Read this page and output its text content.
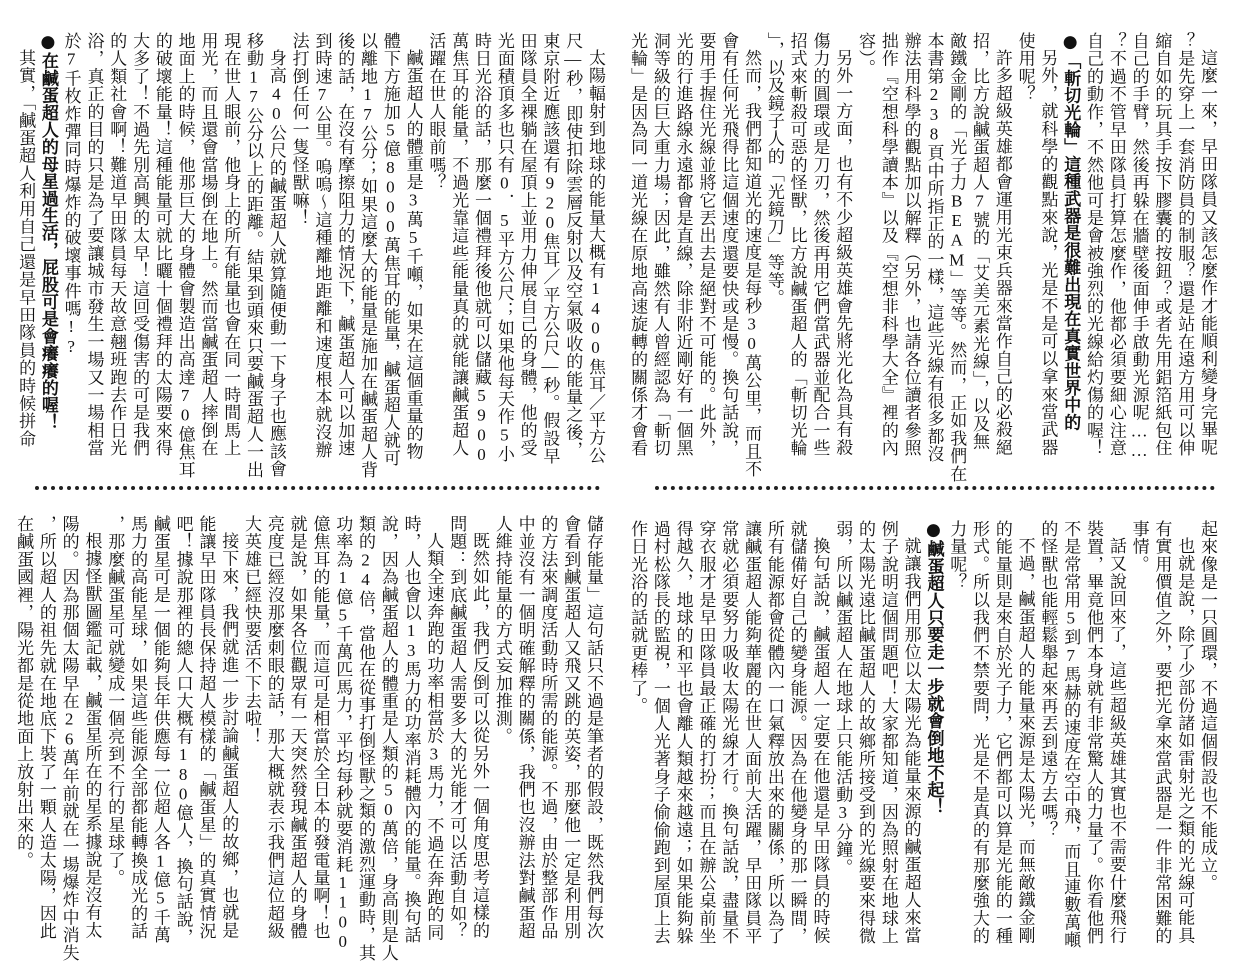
這麼一來，早田隊員又該怎麼作才能順利變身完畢呢
？是先穿上一套消防員的制服？還是站在遠方用可以伸
縮自如的玩具手按下膠囊的按鈕？或者先用鋁箔紙包住
自己的手臂，然後再躲在牆壁後面伸手啟動光源呢……
？不過不管早田隊員打算怎麼作，他都必須要細心注意
自己的動作，不然他可是會被強烈的光線給灼傷的喔！
●「斬切光輪」這種武器是很難出現在真實世界中的
另外，就科學的觀點來說，光是不是可以拿來當武器
使用呢？
許多超級英雄都會運用光束兵器來當作自己的必殺絕
招，比方說鹹蛋超人7號的「艾美元素光線」，以及無
敵鐵金剛的「光子力BEAM」等等。然而，正如我們在
本書第238頁中所指正的一樣，這些光線有很多都沒
辦法用科學的觀點加以解釋（另外，也請各位讀者參照
拙作『空想科學讀本』以及『空想非科學大全』裡的內
容）。
另外一方面，也有不少超級英雄會先將光化為具有殺
傷力的圓環或是刀刃，然後再用它們當武器並配合一些
招式來斬殺可惡的怪獸，比方說鹹蛋超人的「斬切光輪
」，以及鏡子人的「光鏡刀」等等。
然而，我們都知道光的速度是每秒30萬公里，而且不
會有任何光飛得比這個速度還要快或是慢。換句話說，
要用手握住光線並將它丟出去是絕對不可能的。此外，
光的行進路線永遠都會是直線，除非附近剛好有一個黑
洞等級的巨大重力場；因此，雖然有人曾經認為「斬切
光輪」是因為同一道光線在原地高速旋轉的關係才會看
太陽輻射到地球的能量大概有1400焦耳／平方公
尺—秒，即使扣除雲層反射以及空氣吸收的能量之後，
東京附近應該還有920焦耳／平方公尺—秒。假設早
田隊員全裸躺在屋頂上並用力伸展自己的身體，他的受
光面積頂多也只有0．5平方公尺；如果他每天作5小
時日光浴的話，那麼一個禮拜後他就可以儲藏5900
萬焦耳的能量，不過光靠這些能量真的就能讓鹹蛋超人
活躍在世人眼前嗎？
鹹蛋超人的體重是3萬5千噸，如果在這個重量的物
體下方施加5億8000萬焦耳的能量，鹹蛋超人就可
以離地17公分；如果這麼大的能量是施加在鹹蛋超人背
後的話，在沒有摩擦阻力的情況下，鹹蛋超人可以加速
到時速7公里。嗚嗚～這種離地距離和速度根本就沒辦
法打倒任何一隻怪獸嘛！
身高40公尺的鹹蛋超人就算隨便動一下身子也應該會
移動17公分以上的距離。結果到頭來只要鹹蛋超人一出
現在世人眼前，他身上的所有能量也會在同一時間馬上
用光，而且還會當場倒在地上。然而當鹹蛋超人摔倒在
地面上的時候，他那巨大的身體會製造出高達70億焦耳
的破壞能量！這種能量可就比曬十個禮拜的太陽要來得
大多了！不過先別高興的太早！這回受傷害的可是我們
的人類社會啊！難道早田隊員每天故意翹班跑去作日光
浴，真正的目的只是為了要讓城市發生一場又一場相當
於7千枚炸彈同時爆炸的破壞事件嗎!?
●在鹹蛋超人的母星過生活，屁股可是會癢癢的喔！
其實，「鹹蛋超人利用自己還是早田隊員的時候拼命
起來像是一只圓環，不過這個假設也不能成立。
也就是說，除了少部份諸如雷射光之類的光線可能具
有實用價值之外，要把光拿來當武器是一件非常困難的
事情。
話又說回來了，這些超級英雄其實也不需要什麼飛行
裝置，畢竟他們本身就有非常驚人的力量了。你看他們
不是常常用5到7馬赫的速度在空中飛，而且連數萬噸
的怪獸也能輕鬆舉起來再丟到遠方去嗎？
不過，鹹蛋超人的能量來源是太陽光，而無敵鐵金剛
的能量則是來自於光子力，它們都可以算是光能的一種
形式。所以我們不禁要問，光是不是真的有那麼強大的
力量呢？
●鹹蛋超人只要走一步就會倒地不起！
就讓我們用那位以太陽光為能量來源的鹹蛋超人來當
例子說明這個問題吧！大家都知道，因為照射在地球上
的太陽光遠比鹹蛋超人的故鄉所接受到的光線要來得微
弱，所以鹹蛋超人在地球上只能活動3分鐘。
換句話說，鹹蛋超人一定要在他還是早田隊員的時候
就儲備好自己的變身能源。因為在他變身的那一瞬間，
所有能源都會從體內一口氣釋放出來的關係，所以為了
讓鹹蛋超人能夠華麗的在世人面前大活躍，早田隊員平
常就必須要努力吸收太陽光線才行。換句話說，盡量不
穿衣服才是早田隊員最正確的打扮；而且在辦公桌前坐
得越久，地球的和平也會離人類越來越遠；如果能夠躲
過村松隊長的監視，一個人光著身子偷偷跑到屋頂上去
作日光浴的話就更棒了。
儲存能量」這句話只不過是筆者的假設，既然我們每次
會看到鹹蛋超人又飛又跳的英姿，那麼他一定是利用別
的方法來調度活動時所需的能源。不過，由於整部作品
中並沒有一個明確解釋的關係，我們也沒辦法對鹹蛋超
人維持能量的方式妄加推測。
既然如此，我們反倒可以從另外一個角度思考這樣的
問題：到底鹹蛋超人需要多大的光能才可以活動自如？
人類全速奔跑的功率相當於3馬力，不過在奔跑的同
時，人也會以13馬力的功率消耗體內的能量。換句話
說，因為鹹蛋超人的體重是人類的50萬倍，身高則是人
類的24倍，當他在從事打倒怪獸之類的激烈運動時，其
功率為1億5千萬匹馬力，平均每秒就要消耗1100
億焦耳的能量，而這可是相當於全日本的發電量啊！也
就是說，如果各位觀眾有一天突然發現鹹蛋超人的身體
亮度已經沒那麼刺眼的話，那大概就表示我們這位超級
大英雄已經快要活不下去啦！
接下來，我們就進一步討論鹹蛋超人的故鄉，也就是
能讓早田隊員長保持超人模樣的「鹹蛋星」的真實情況
吧！據說那裡的總人口大概有180億人，換句話說，
鹹蛋星可是一個能夠長年供應每一位超人各1億5千萬
馬力的高能星球，如果這些能源全部都能轉換成光的話
，那麼鹹蛋星可就變成一個亮到不行的星球了。
根據怪獸圖鑑記載，鹹蛋星所在的星系據說是沒有太
陽的。因為那個太陽早在26萬年前就在一場爆炸中消失
，所以超人的祖先就在地底下裝了一顆人造太陽，因此
在鹹蛋國裡，陽光都是從地面上放射出來的。
